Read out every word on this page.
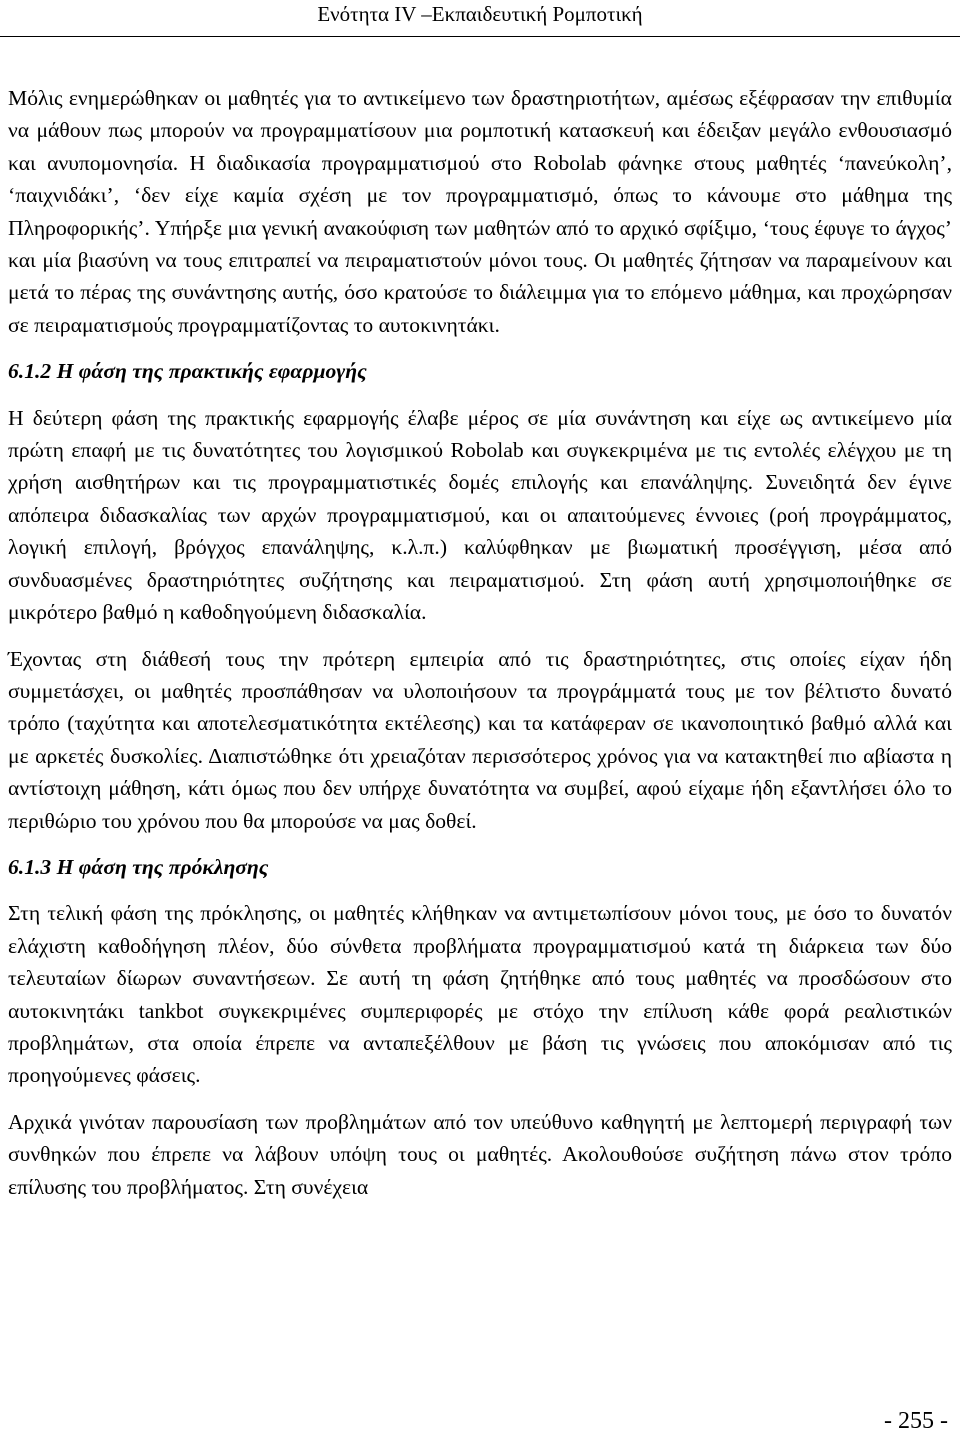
Ενότητα IV –Εκπαιδευτική Ρομποτική

Μόλις ενημερώθηκαν οι μαθητές για το αντικείμενο των δραστηριοτήτων, αμέσως εξέφρασαν την επιθυμία να μάθουν πως μπορούν να προγραμματίσουν μια ρομποτική κατασκευή και έδειξαν μεγάλο ενθουσιασμό και ανυπομονησία. Η διαδικασία προγραμματισμού στο Robolab φάνηκε στους μαθητές ‘πανεύκολη’, ‘παιχνιδάκι’, ‘δεν είχε καμία σχέση με τον προγραμματισμό, όπως το κάνουμε στο μάθημα της Πληροφορικής’. Υπήρξε μια γενική ανακούφιση των μαθητών από το αρχικό σφίξιμο, ‘τους έφυγε το άγχος’ και μία βιασύνη να τους επιτραπεί να πειραματιστούν μόνοι τους. Οι μαθητές ζήτησαν να παραμείνουν και μετά το πέρας της συνάντησης αυτής, όσο κρατούσε το διάλειμμα για το επόμενο μάθημα, και προχώρησαν σε πειραματισμούς προγραμματίζοντας το αυτοκινητάκι.

6.1.2 Η φάση της πρακτικής εφαρμογής

Η δεύτερη φάση της πρακτικής εφαρμογής έλαβε μέρος σε μία συνάντηση και είχε ως αντικείμενο μία πρώτη επαφή με τις δυνατότητες του λογισμικού Robolab και συγκεκριμένα με τις εντολές ελέγχου με τη χρήση αισθητήρων και τις προγραμματιστικές δομές επιλογής και επανάληψης. Συνειδητά δεν έγινε απόπειρα διδασκαλίας των αρχών προγραμματισμού, και οι απαιτούμενες έννοιες (ροή προγράμματος, λογική επιλογή, βρόγχος επανάληψης, κ.λ.π.) καλύφθηκαν με βιωματική προσέγγιση, μέσα από συνδυασμένες δραστηριότητες συζήτησης και πειραματισμού. Στη φάση αυτή χρησιμοποιήθηκε σε μικρότερο βαθμό η καθοδηγούμενη διδασκαλία.

Έχοντας στη διάθεσή τους την πρότερη εμπειρία από τις δραστηριότητες, στις οποίες είχαν ήδη συμμετάσχει, οι μαθητές προσπάθησαν να υλοποιήσουν τα προγράμματά τους με τον βέλτιστο δυνατό τρόπο (ταχύτητα και αποτελεσματικότητα εκτέλεσης) και τα κατάφεραν σε ικανοποιητικό βαθμό αλλά και με αρκετές δυσκολίες. Διαπιστώθηκε ότι χρειαζόταν περισσότερος χρόνος για να κατακτηθεί πιο αβίαστα η αντίστοιχη μάθηση, κάτι όμως που δεν υπήρχε δυνατότητα να συμβεί, αφού είχαμε ήδη εξαντλήσει όλο το περιθώριο του χρόνου που θα μπορούσε να μας δοθεί.

6.1.3 Η φάση της πρόκλησης

Στη τελική φάση της πρόκλησης, οι μαθητές κλήθηκαν να αντιμετωπίσουν μόνοι τους, με όσο το δυνατόν ελάχιστη καθοδήγηση πλέον, δύο σύνθετα προβλήματα προγραμματισμού κατά τη διάρκεια των δύο τελευταίων δίωρων συναντήσεων. Σε αυτή τη φάση ζητήθηκε από τους μαθητές να προσδώσουν στο αυτοκινητάκι tankbot συγκεκριμένες συμπεριφορές με στόχο την επίλυση κάθε φορά ρεαλιστικών προβλημάτων, στα οποία έπρεπε να ανταπεξέλθουν με βάση τις γνώσεις που αποκόμισαν από τις προηγούμενες φάσεις.

Αρχικά γινόταν παρουσίαση των προβλημάτων από τον υπεύθυνο καθηγητή με λεπτομερή περιγραφή των συνθηκών που έπρεπε να λάβουν υπόψη τους οι μαθητές. Ακολουθούσε συζήτηση πάνω στον τρόπο επίλυσης του προβλήματος. Στη συνέχεια

- 255 -
